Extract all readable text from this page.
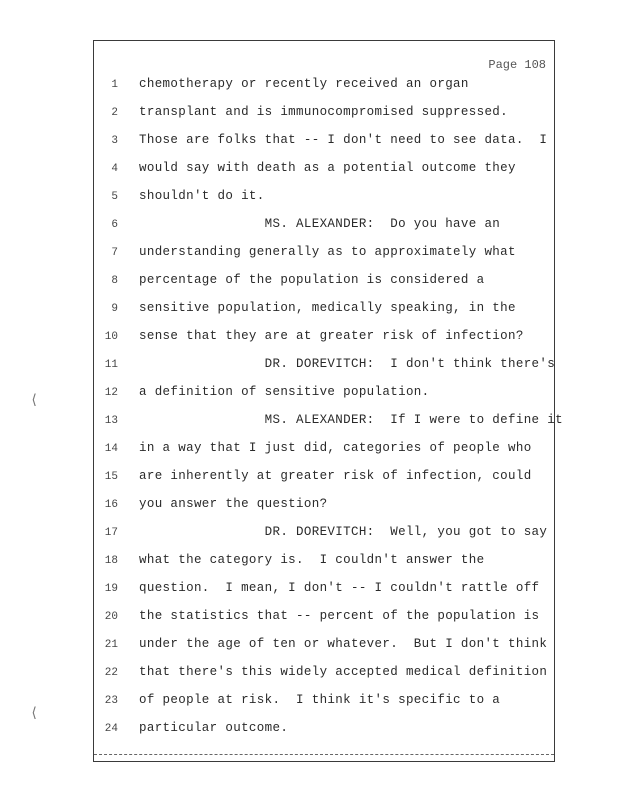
Page 108
1 chemotherapy or recently received an organ
2 transplant and is immunocompromised suppressed.
3 Those are folks that -- I don't need to see data.  I
4 would say with death as a potential outcome they
5 shouldn't do it.
6 MS. ALEXANDER:  Do you have an
7 understanding generally as to approximately what
8 percentage of the population is considered a
9 sensitive population, medically speaking, in the
10 sense that they are at greater risk of infection?
11 DR. DOREVITCH:  I don't think there's
12 a definition of sensitive population.
13 MS. ALEXANDER:  If I were to define it
14 in a way that I just did, categories of people who
15 are inherently at greater risk of infection, could
16 you answer the question?
17 DR. DOREVITCH:  Well, you got to say
18 what the category is.  I couldn't answer the
19 question.  I mean, I don't -- I couldn't rattle off
20 the statistics that -- percent of the population is
21 under the age of ten or whatever.  But I don't think
22 that there's this widely accepted medical definition
23 of people at risk.  I think it's specific to a
24 particular outcome.
⟨
⟨
